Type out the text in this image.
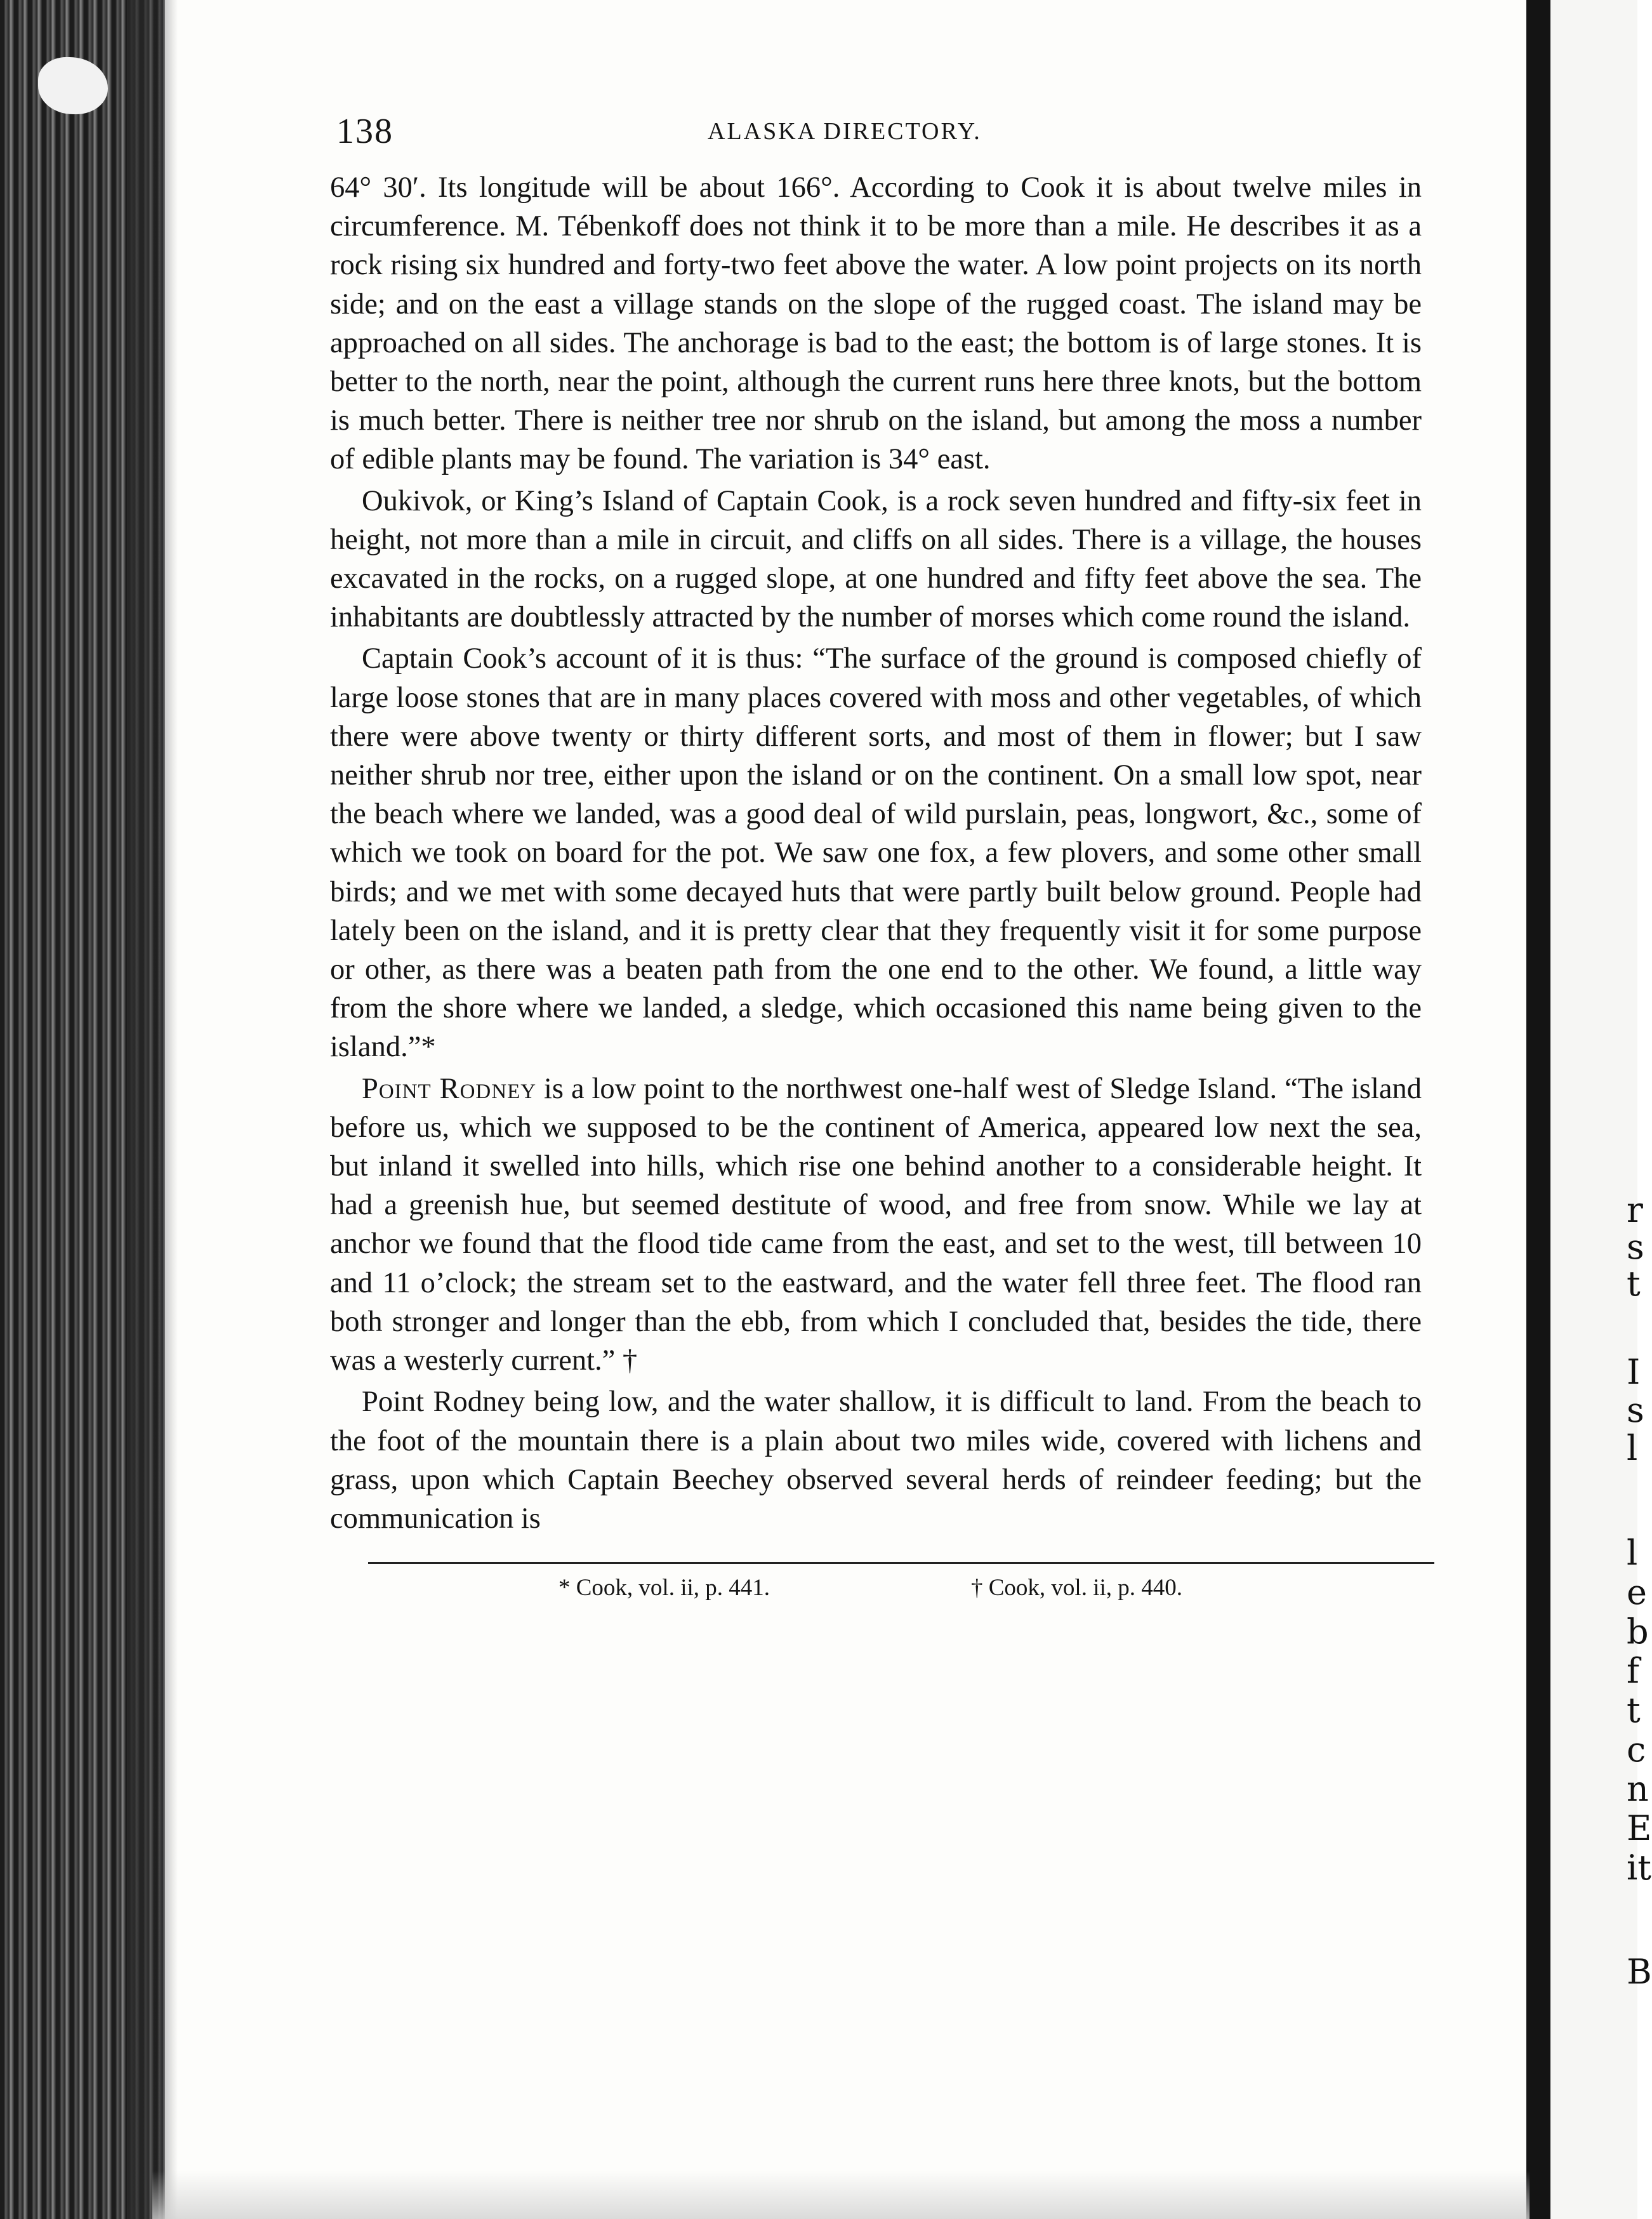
138	ALASKA DIRECTORY.

64° 30′. Its longitude will be about 166°. According to Cook it is about twelve miles in circumference. M. Tébenkoff does not think it to be more than a mile. He describes it as a rock rising six hundred and forty-two feet above the water. A low point projects on its north side; and on the east a village stands on the slope of the rugged coast. The island may be approached on all sides. The anchorage is bad to the east; the bottom is of large stones. It is better to the north, near the point, although the current runs here three knots, but the bottom is much better. There is neither tree nor shrub on the island, but among the moss a number of edible plants may be found. The variation is 34° east.

Oukivok, or King’s Island of Captain Cook, is a rock seven hundred and fifty-six feet in height, not more than a mile in circuit, and cliffs on all sides. There is a village, the houses excavated in the rocks, on a rugged slope, at one hundred and fifty feet above the sea. The inhabitants are doubtlessly attracted by the number of morses which come round the island.

Captain Cook’s account of it is thus: “The surface of the ground is composed chiefly of large loose stones that are in many places covered with moss and other vegetables, of which there were above twenty or thirty different sorts, and most of them in flower; but I saw neither shrub nor tree, either upon the island or on the continent. On a small low spot, near the beach where we landed, was a good deal of wild purslain, peas, longwort, &c., some of which we took on board for the pot. We saw one fox, a few plovers, and some other small birds; and we met with some decayed huts that were partly built below ground. People had lately been on the island, and it is pretty clear that they frequently visit it for some purpose or other, as there was a beaten path from the one end to the other. We found, a little way from the shore where we landed, a sledge, which occasioned this name being given to the island.”*

Point Rodney is a low point to the northwest one-half west of Sledge Island. “The island before us, which we supposed to be the continent of America, appeared low next the sea, but inland it swelled into hills, which rise one behind another to a considerable height. It had a greenish hue, but seemed destitute of wood, and free from snow. While we lay at anchor we found that the flood tide came from the east, and set to the west, till between 10 and 11 o’clock; the stream set to the eastward, and the water fell three feet. The flood ran both stronger and longer than the ebb, from which I concluded that, besides the tide, there was a westerly current.” †

Point Rodney being low, and the water shallow, it is difficult to land. From the beach to the foot of the mountain there is a plain about two miles wide, covered with lichens and grass, upon which Captain Beechey observed several herds of reindeer feeding; but the communication is

* Cook, vol. ii, p. 441.	† Cook, vol. ii, p. 440.
r
s
t
I
s
l
l
e
b
f
t
c
n
E
it
B
